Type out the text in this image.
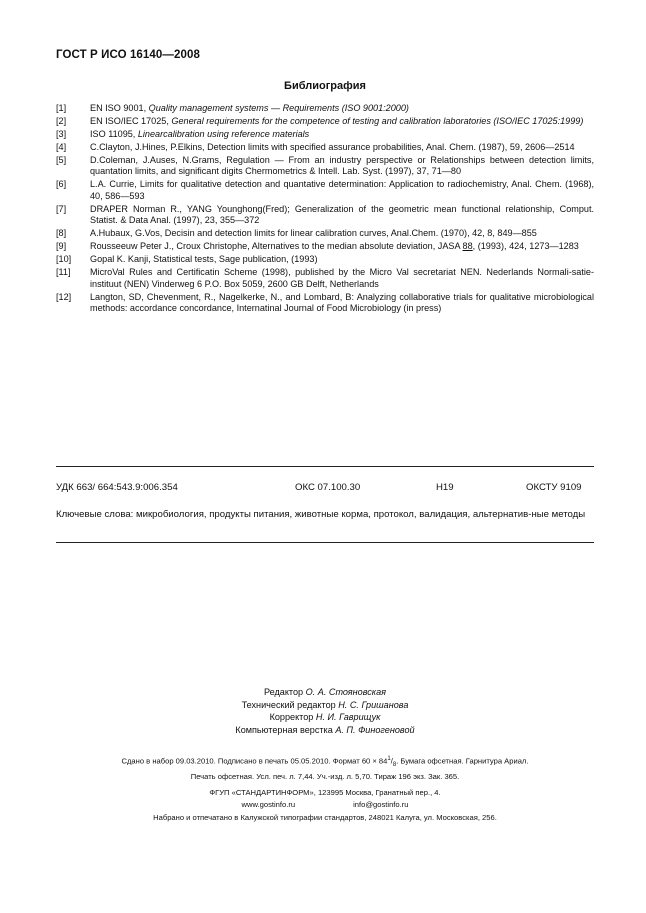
ГОСТ Р ИСО 16140—2008
Библиография
[1]	EN ISO 9001, Quality management systems — Requirements (ISO 9001:2000)
[2]	EN ISO/IEC 17025, General requirements for the competence of testing and calibration laboratories (ISO/IEC 17025:1999)
[3]	ISO 11095, Linearcalibration using reference materials
[4]	C.Clayton, J.Hines, P.Elkins, Detection limits with specified assurance probabilities, Anal. Chem. (1987), 59, 2606—2514
[5]	D.Coleman, J.Auses, N.Grams, Regulation — From an industry perspective or Relationships between detection limits, quantation limits, and significant digits Chermometrics & Intell. Lab. Syst. (1997), 37, 71—80
[6]	L.A. Currie, Limits for qualitative detection and quantative determination: Application to radiochemistry, Anal. Chem. (1968), 40, 586—593
[7]	DRAPER Norman R., YANG Younghong(Fred); Generalization of the geometric mean functional relationship, Comput. Statist. & Data Anal. (1997), 23, 355—372
[8]	A.Hubaux, G.Vos, Decisin and detection limits for linear calibration curves, Anal.Chem. (1970), 42, 8, 849—855
[9]	Rousseeuw Peter J., Croux Christophe, Alternatives to the median absolute deviation, JASA 88, (1993), 424, 1273—1283
[10] Gopal K. Kanji, Statistical tests, Sage publication, (1993)
[11] MicroVal Rules and Certificatin Scheme (1998), published by the Micro Val secretariat NEN. Nederlands Normali-satie-instituut (NEN) Vinderweg 6 P.O. Box 5059, 2600 GB Delft, Netherlands
[12] Langton, SD, Chevenment, R., Nagelkerke, N., and Lombard, B: Analyzing collaborative trials for qualitative microbiological methods: accordance concordance, Internatinal Journal of Food Microbiology (in press)
УДК 663/ 664:543.9:006.354	ОКС 07.100.30	H19	ОКСТУ 9109
Ключевые слова: микробиология, продукты питания, животные корма, протокол, валидация, альтернатив-ные методы
Редактор О. А. Стояновская
Технический редактор Н. С. Гришанова
Корректор Н. И. Гаврищук
Компьютерная верстка А. П. Финогеновой
Сдано в набор 09.03.2010. Подписано в печать 05.05.2010. Формат $60 \times 84^1/_8$. Бумага офсетная. Гарнитура Ариал.
Печать офсетная. Усл. печ. л. 7,44. Уч.-изд. л. 5,70. Тираж 196 экз. Зак. 365.
ФГУП «СТАНДАРТИНФОРМ», 123995 Москва, Гранатный пер., 4.
www.gostinfo.ru	info@gostinfo.ru
Набрано и отпечатано в Калужской типографии стандартов, 248021 Калуга, ул. Московская, 256.
